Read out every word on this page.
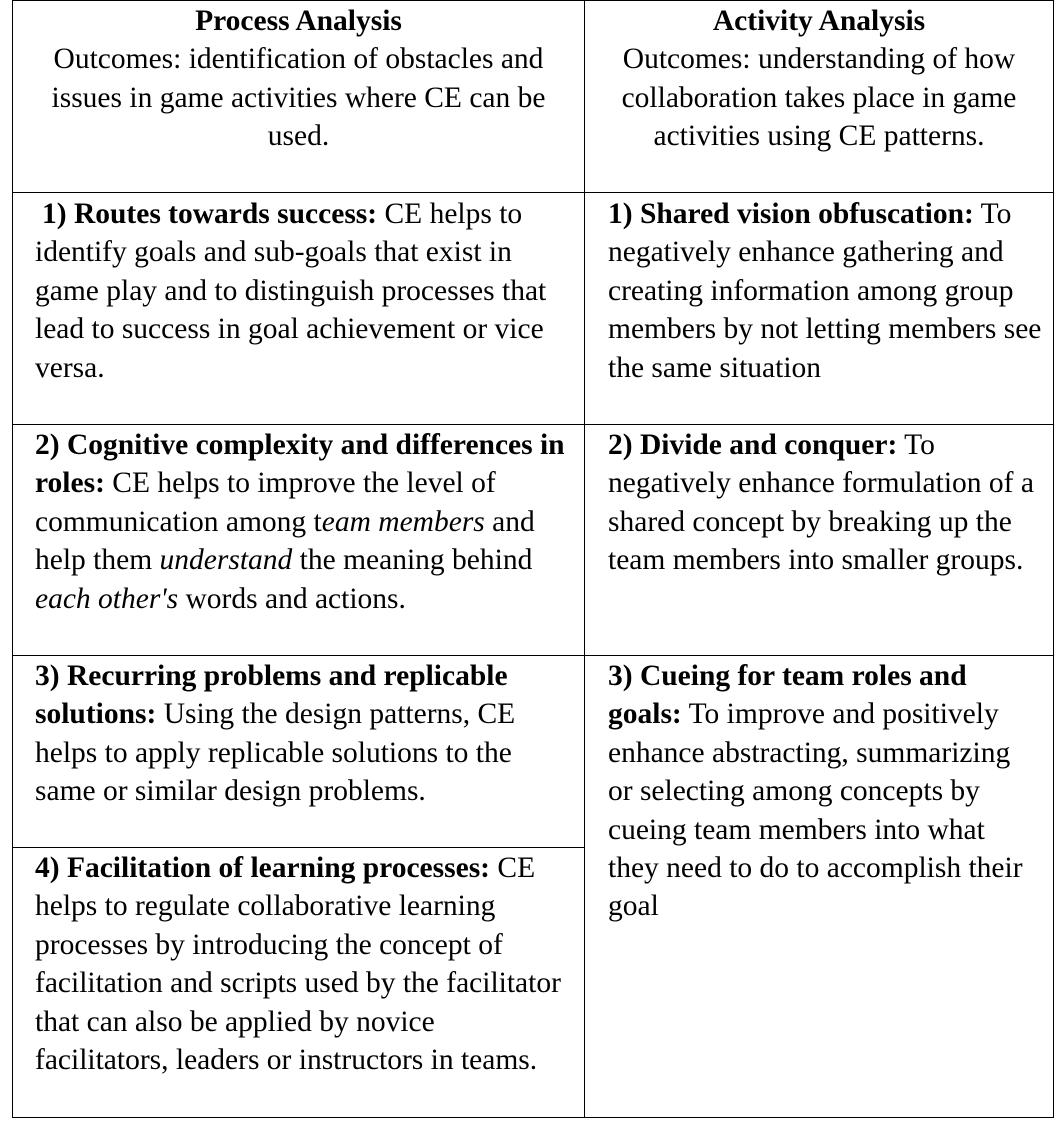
Process Analysis
Outcomes: identification of obstacles and issues in game activities where CE can be used.
Activity Analysis
Outcomes: understanding of how collaboration takes place in game activities using CE patterns.
1) Routes towards success: CE helps to identify goals and sub-goals that exist in game play and to distinguish processes that lead to success in goal achievement or vice versa.
1) Shared vision obfuscation: To negatively enhance gathering and creating information among group members by not letting members see the same situation
2) Cognitive complexity and differences in roles: CE helps to improve the level of communication among team members and help them understand the meaning behind each other's words and actions.
2) Divide and conquer: To negatively enhance formulation of a shared concept by breaking up the team members into smaller groups.
3) Recurring problems and replicable solutions: Using the design patterns, CE helps to apply replicable solutions to the same or similar design problems.
4) Facilitation of learning processes: CE helps to regulate collaborative learning processes by introducing the concept of facilitation and scripts used by the facilitator that can also be applied by novice facilitators, leaders or instructors in teams.
3) Cueing for team roles and goals: To improve and positively enhance abstracting, summarizing or selecting among concepts by cueing team members into what they need to do to accomplish their goal
